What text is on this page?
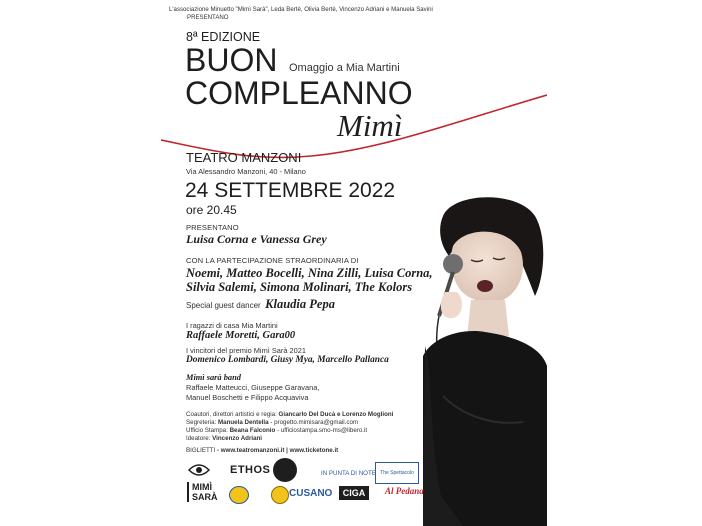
L'associazione Minuetto "Mimì Sarà", Leda Bertè, Olivia Bertè, Vincenzo Adriani e Manuela Savini
PRESENTANO
8ª EDIZIONE
BUON Omaggio a Mia Martini
COMPLEANNO
Mimì
TEATRO MANZONI
Via Alessandro Manzoni, 40 - Milano
24 SETTEMBRE 2022
ore 20.45
PRESENTANO
Luisa Corna e Vanessa Grey
CON LA PARTECIPAZIONE STRAORDINARIA DI
Noemi, Matteo Bocelli, Nina Zilli, Luisa Corna,
Silvia Salemi, Simona Molinari, The Kolors
Special guest dancer Klaudia Pepa
I ragazzi di casa Mia Martini
Raffaele Moretti, Gara00
I vincitori del premio Mimì Sarà 2021
Domenico Lombardi, Giusy Mya, Marcello Pallanca
Mimì sarà band
Raffaele Matteucci, Giuseppe Garavana,
Manuel Boschetti e Filippo Acquaviva
Coautori, direttori artistici e regia: Giancarlo Del Ducà e Lorenzo Moglioni
Segreteria: Manuela Dentella - progetto.mimisara@gmail.com
Ufficio Stampa: Beana Falconio - ufficiostampa.smo-ms@libero.it
Ideatore: Vincenzo Adriani
BIGLIETTI - www.teatromanzoni.it | www.ticketone.it
ETHOS	The Spettacolo
IN PUNTA DI NOTE
MIMÌ
SARÀ	CUSANO	CIGA	Al Pedana
